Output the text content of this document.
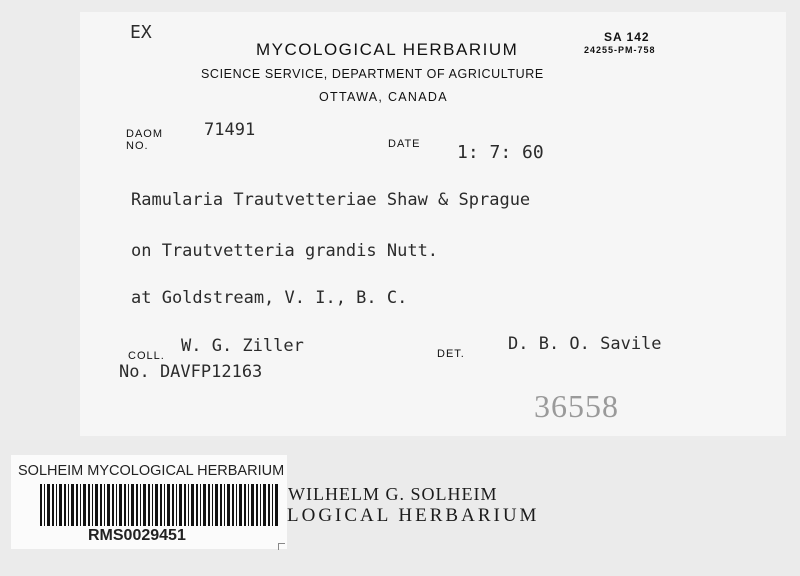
EX	SA 142
24255-PM-758
MYCOLOGICAL HERBARIUM
SCIENCE SERVICE, DEPARTMENT OF AGRICULTURE
OTTAWA, CANADA
DAOM
NO.
71491
DATE 1: 7: 60
Ramularia Trautvetteriae Shaw & Sprague
on Trautvetteria grandis Nutt.
at Goldstream, V. I., B. C.
COLL. W. G. Ziller	DET.	D. B. O. Savile
No. DAVFP12163
36558
SOLHEIM MYCOLOGICAL HERBARIUM
RMS0029451
WILHELM G. SOLHEIM
LOGICAL HERBARIUM
